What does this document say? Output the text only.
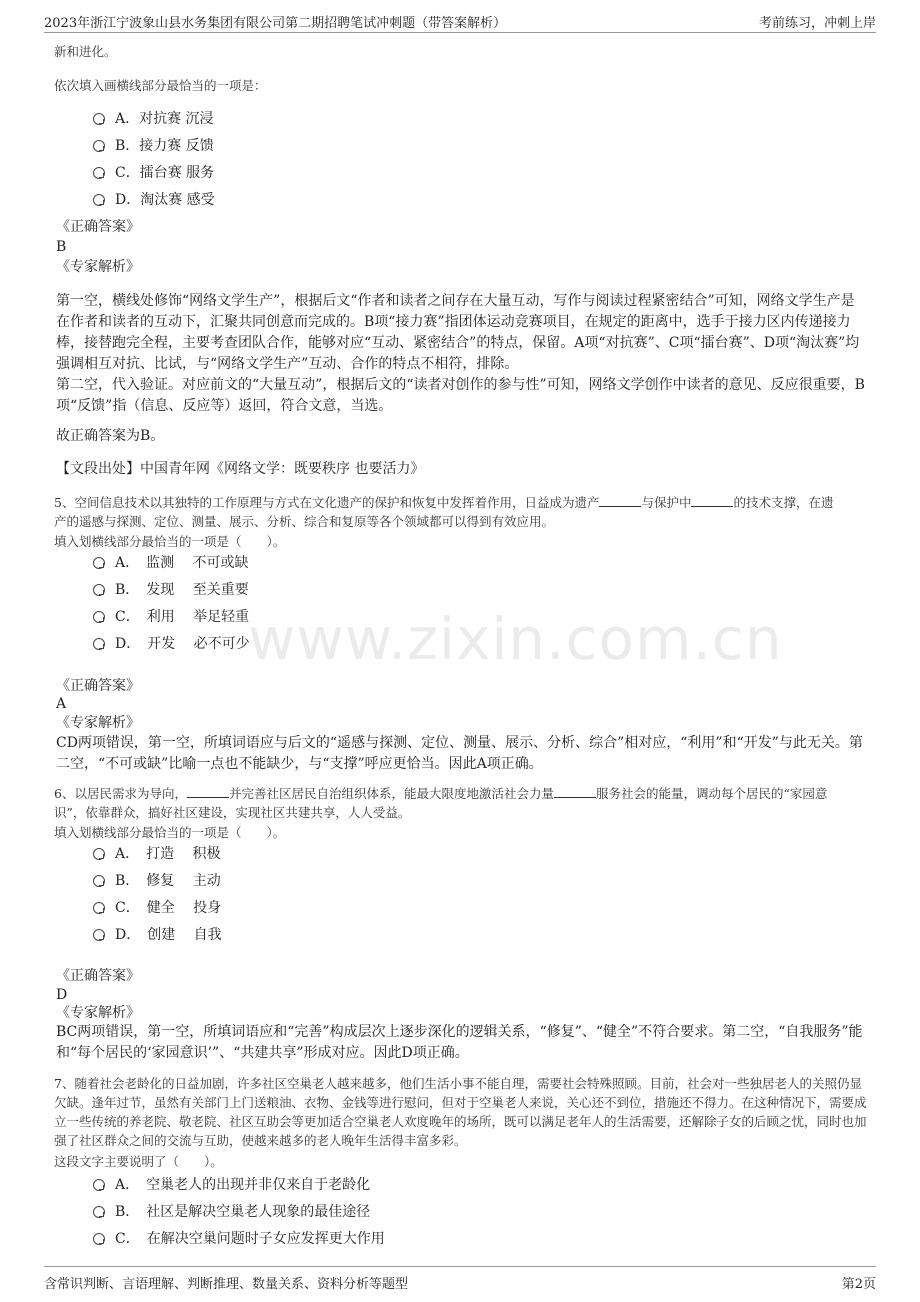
2023年浙江宁波象山县水务集团有限公司第二期招聘笔试冲刺题（带答案解析）	考前练习，冲刺上岸
www.zixin.com.cn
新和进化。
依次填入画横线部分最恰当的一项是：
A．对抗赛 沉浸
B．接力赛 反馈
C．擂台赛 服务
D．淘汰赛 感受
《正确答案》
B
《专家解析》
第一空，横线处修饰“网络文学生产”，根据后文“作者和读者之间存在大量互动，写作与阅读过程紧密结合”可知，网络文学生产是在作者和读者的互动下，汇聚共同创意而完成的。B项“接力赛”指团体运动竞赛项目，在规定的距离中，选手于接力区内传递接力棒，接替跑完全程，主要考查团队合作，能够对应“互动、紧密结合”的特点，保留。A项“对抗赛”、C项“擂台赛”、D项“淘汰赛”均强调相互对抗、比试，与“网络文学生产”互动、合作的特点不相符，排除。
第二空，代入验证。对应前文的“大量互动”，根据后文的“读者对创作的参与性”可知，网络文学创作中读者的意见、反应很重要，B项“反馈”指（信息、反应等）返回，符合文意，当选。
故正确答案为B。
【文段出处】中国青年网《网络文学：既要秩序 也要活力》
5、空间信息技术以其独特的工作原理与方式在文化遗产的保护和恢复中发挥着作用，日益成为遗产	与保护中	的技术支撑，在遗
产的遥感与探测、定位、测量、展示、分析、综合和复原等各个领域都可以得到有效应用。
填入划横线部分最恰当的一项是（　　）。
A．　监测　 不可或缺
B．　发现　 至关重要
C．　利用　 举足轻重
D．　开发　 必不可少
《正确答案》
A
《专家解析》
CD两项错误，第一空，所填词语应与后文的“遥感与探测、定位、测量、展示、分析、综合”相对应，“利用”和“开发”与此无关。第二空，“不可或缺”比喻一点也不能缺少，与“支撑”呼应更恰当。因此A项正确。
6、以居民需求为导向，	并完善社区居民自治组织体系，能最大限度地激活社会力量	服务社会的能量，调动每个居民的“家园意
识”，依靠群众，搞好社区建设，实现社区共建共享，人人受益。
填入划横线部分最恰当的一项是（　　）。
A．　打造　 积极
B．　修复　 主动
C．　健全　 投身
D．　创建　 自我
《正确答案》
D
《专家解析》
BC两项错误，第一空，所填词语应和“完善”构成层次上逐步深化的逻辑关系，“修复”、“健全”不符合要求。第二空，“自我服务”能和“每个居民的‘家园意识’”、“共建共享”形成对应。因此D项正确。
7、随着社会老龄化的日益加剧，许多社区空巢老人越来越多，他们生活小事不能自理，需要社会特殊照顾。目前，社会对一些独居老人的关照仍显欠缺。逢年过节，虽然有关部门上门送粮油、衣物、金钱等进行慰问，但对于空巢老人来说，关心还不到位，措施还不得力。在这种情况下，需要成立一些传统的养老院、敬老院、社区互助会等更加适合空巢老人欢度晚年的场所，既可以满足老年人的生活需要，还解除子女的后顾之忧，同时也加强了社区群众之间的交流与互助，使越来越多的老人晚年生活得丰富多彩。
这段文字主要说明了（　　）。
A．　空巢老人的出现并非仅来自于老龄化
B．　社区是解决空巢老人现象的最佳途径
C．　在解决空巢问题时子女应发挥更大作用
含常识判断、言语理解、判断推理、数量关系、资料分析等题型	第2页
